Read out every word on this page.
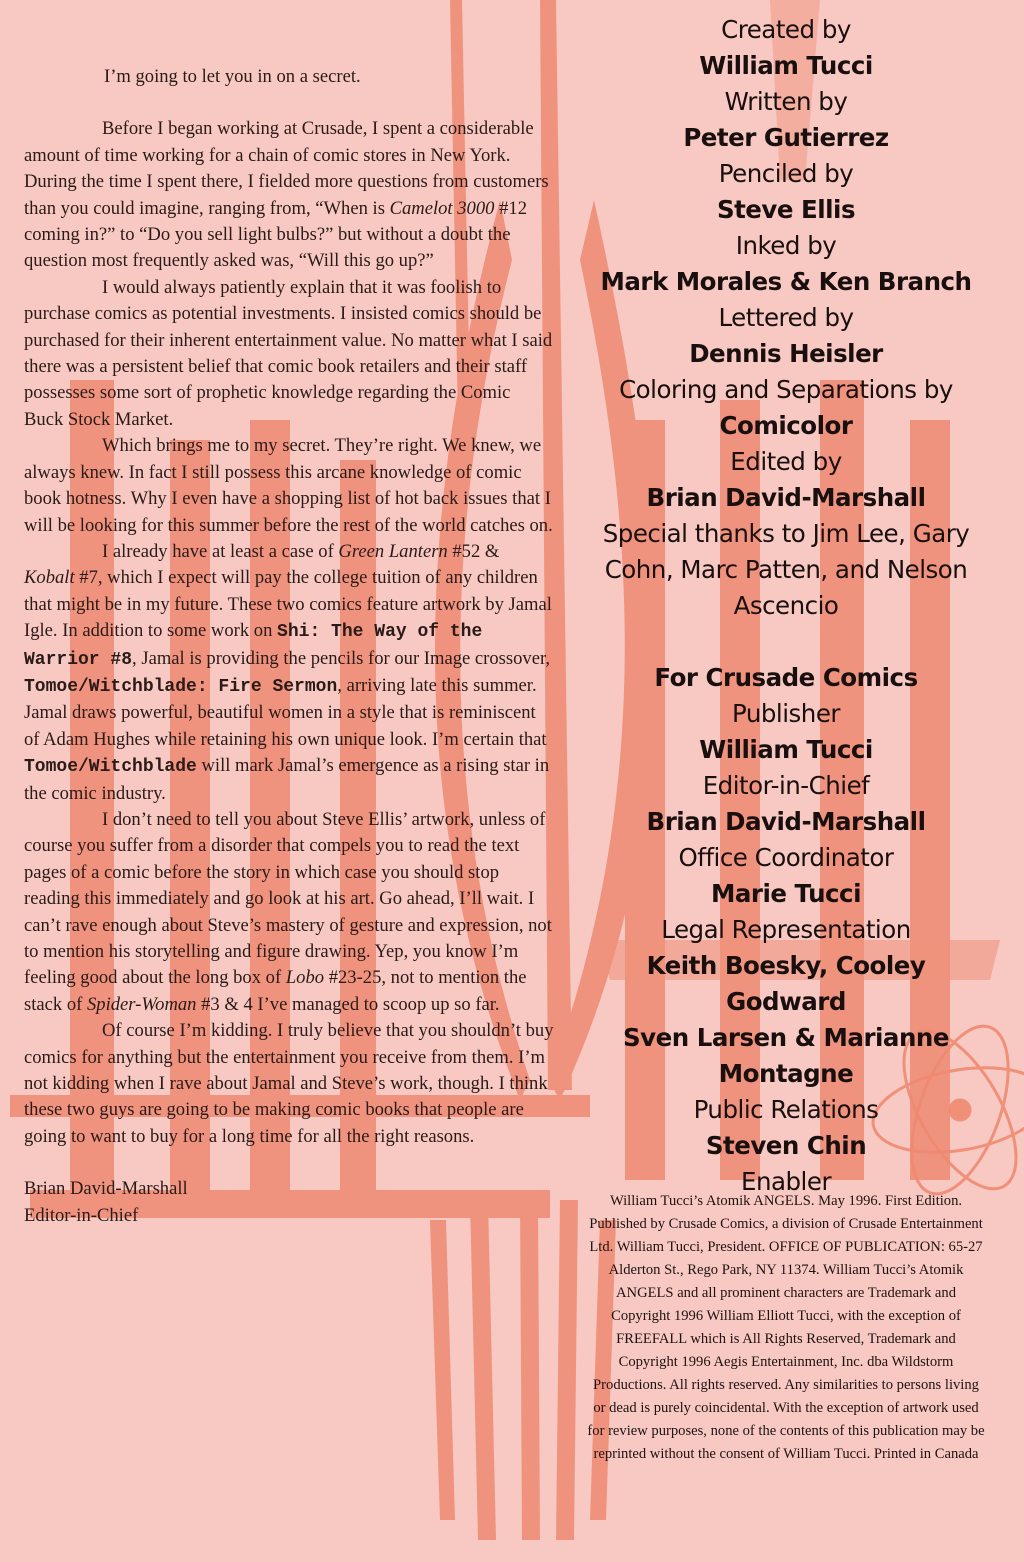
I’m going to let you in on a secret.

Before I began working at Crusade, I spent a considerable amount of time working for a chain of comic stores in New York. During the time I spent there, I fielded more questions from customers than you could imagine, ranging from, “When is Camelot 3000 #12 coming in?” to “Do you sell light bulbs?” but without a doubt the question most frequently asked was, “Will this go up?”

I would always patiently explain that it was foolish to purchase comics as potential investments. I insisted comics should be purchased for their inherent entertainment value. No matter what I said there was a persistent belief that comic book retailers and their staff possesses some sort of prophetic knowledge regarding the Comic Buck Stock Market.

Which brings me to my secret. They’re right. We knew, we always knew. In fact I still possess this arcane knowledge of comic book hotness. Why I even have a shopping list of hot back issues that I will be looking for this summer before the rest of the world catches on.

I already have at least a case of Green Lantern #52 & Kobalt #7, which I expect will pay the college tuition of any children that might be in my future. These two comics feature artwork by Jamal Igle. In addition to some work on Shi: The Way of the Warrior #8, Jamal is providing the pencils for our Image crossover, Tomoe/Witchblade: Fire Sermon, arriving late this summer. Jamal draws powerful, beautiful women in a style that is reminiscent of Adam Hughes while retaining his own unique look. I’m certain that Tomoe/Witchblade will mark Jamal’s emergence as a rising star in the comic industry.

I don’t need to tell you about Steve Ellis’ artwork, unless of course you suffer from a disorder that compels you to read the text pages of a comic before the story in which case you should stop reading this immediately and go look at his art. Go ahead, I’ll wait. I can’t rave enough about Steve’s mastery of gesture and expression, not to mention his storytelling and figure drawing. Yep, you know I’m feeling good about the long box of Lobo #23-25, not to mention the stack of Spider-Woman #3 & 4 I’ve managed to scoop up so far.

Of course I’m kidding. I truly believe that you shouldn’t buy comics for anything but the entertainment you receive from them. I’m not kidding when I rave about Jamal and Steve’s work, though. I think these two guys are going to be making comic books that people are going to want to buy for a long time for all the right reasons.

Brian David-Marshall
Editor-in-Chief
Created by
William Tucci
Written by
Peter Gutierrez
Penciled by
Steve Ellis
Inked by
Mark Morales & Ken Branch
Lettered by
Dennis Heisler
Coloring and Separations by
Comicolor
Edited by
Brian David-Marshall
Special thanks to Jim Lee, Gary Cohn, Marc Patten, and Nelson Ascencio
For Crusade Comics
Publisher
William Tucci
Editor-in-Chief
Brian David-Marshall
Office Coordinator
Marie Tucci
Legal Representation
Keith Boesky, Cooley Godward
Sven Larsen & Marianne Montagne
Public Relations
Steven Chin
Enabler
William Tucci’s Atomik ANGELS. May 1996. First Edition. Published by Crusade Comics, a division of Crusade Entertainment Ltd. William Tucci, President. OFFICE OF PUBLICATION: 65-27 Alderton St., Rego Park, NY 11374. William Tucci’s Atomik ANGELS and all prominent characters are Trademark and Copyright 1996 William Elliott Tucci, with the exception of FREEFALL which is All Rights Reserved, Trademark and Copyright 1996 Aegis Entertainment, Inc. dba Wildstorm Productions. All rights reserved. Any similarities to persons living or dead is purely coincidental. With the exception of artwork used for review purposes, none of the contents of this publication may be reprinted without the consent of William Tucci. Printed in Canada
